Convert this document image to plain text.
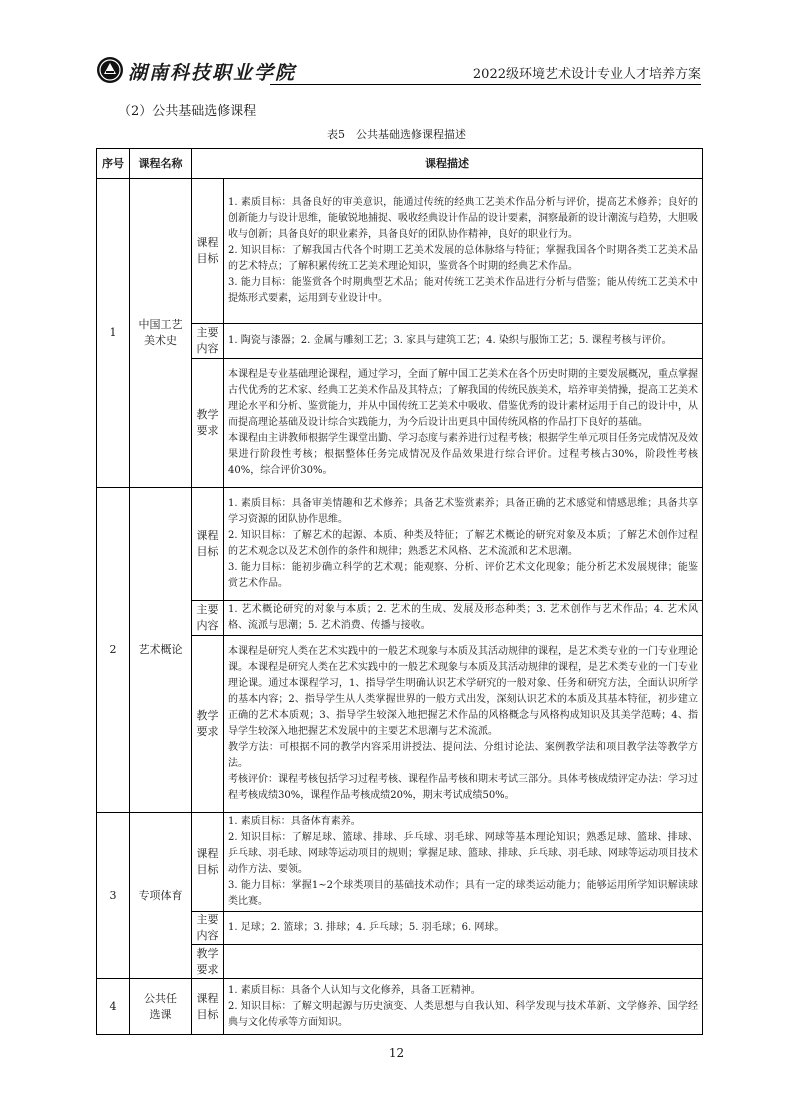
湖南科技职业学院	2022级环境艺术设计专业人才培养方案
（2）公共基础选修课程
表5　公共基础选修课程描述
序号	课程名称	课程描述	
1	中国工艺美术史	课程目标	1. 素质目标：具备良好的审美意识，能通过传统的经典工艺美术作品分析与评价，提高艺术修养；良好的创新能力与设计思维，能敏锐地捕捉、吸收经典设计作品的设计要素，洞察最新的设计潮流与趋势，大胆吸收与创新；具备良好的职业素养，具备良好的团队协作精神，良好的职业行为。
2. 知识目标：了解我国古代各个时期工艺美术发展的总体脉络与特征；掌握我国各个时期各类工艺美术品的艺术特点；了解积累传统工艺美术理论知识，鉴赏各个时期的经典艺术作品。
3. 能力目标：能鉴赏各个时期典型艺术品；能对传统工艺美术作品进行分析与借鉴；能从传统工艺美术中提炼形式要素，运用到专业设计中。

		主要内容	1. 陶瓷与漆器；2. 金属与雕刻工艺；3. 家具与建筑工艺；4. 染织与服饰工艺；5. 课程考核与评价。

		教学要求	本课程是专业基础理论课程，通过学习，全面了解中国工艺美术在各个历史时期的主要发展概况，重点掌握古代优秀的艺术家、经典工艺美术作品及其特点；了解我国的传统民族美术，培养审美情操，提高工艺美术理论水平和分析、鉴赏能力，并从中国传统工艺美术中吸收、借鉴优秀的设计素材运用于自己的设计中，从而提高理论基础及设计综合实践能力，为今后设计出更具中国传统风格的作品打下良好的基础。
本课程由主讲教师根据学生课堂出勤、学习态度与素养进行过程考核；根据学生单元项目任务完成情况及效果进行阶段性考核；根据整体任务完成情况及作品效果进行综合评价。过程考核占30%，阶段性考核40%，综合评价30%。

2	艺术概论	课程目标	1. 素质目标：具备审美情趣和艺术修养；具备艺术鉴赏素养；具备正确的艺术感觉和情感思维；具备共享学习资源的团队协作思维。
2. 知识目标：了解艺术的起源、本质、种类及特征；了解艺术概论的研究对象及本质；了解艺术创作过程的艺术观念以及艺术创作的条件和规律；熟悉艺术风格、艺术流派和艺术思潮。
3. 能力目标：能初步确立科学的艺术观；能观察、分析、评价艺术文化现象；能分析艺术发展规律；能鉴赏艺术作品。

		主要内容	1. 艺术概论研究的对象与本质；2. 艺术的生成、发展及形态种类；3. 艺术创作与艺术作品；4. 艺术风格、流派与思潮；5. 艺术消费、传播与接收。

		教学要求	本课程是研究人类在艺术实践中的一般艺术现象与本质及其活动规律的课程，是艺术类专业的一门专业理论课。本课程是研究人类在艺术实践中的一般艺术现象与本质及其活动规律的课程，是艺术类专业的一门专业理论课。通过本课程学习，1、指导学生明确认识艺术学研究的一般对象、任务和研究方法，全面认识所学的基本内容；2、指导学生从人类掌握世界的一般方式出发，深刻认识艺术的本质及其基本特征，初步建立正确的艺术本质观；3、指导学生较深入地把握艺术作品的风格概念与风格构成知识及其美学范畴；4、指导学生较深入地把握艺术发展中的主要艺术思潮与艺术流派。
教学方法：可根据不同的教学内容采用讲授法、提问法、分组讨论法、案例教学法和项目教学法等教学方法。
考核评价：课程考核包括学习过程考核、课程作品考核和期末考试三部分。具体考核成绩评定办法：学习过程考核成绩30%，课程作品考核成绩20%，期末考试成绩50%。

3	专项体育	课程目标	1. 素质目标：具备体育素养。
2. 知识目标：了解足球、篮球、排球、乒乓球、羽毛球、网球等基本理论知识；熟悉足球、篮球、排球、乒乓球、羽毛球、网球等运动项目的规则；掌握足球、篮球、排球、乒乓球、羽毛球、网球等运动项目技术动作方法、要领。
3. 能力目标：掌握1~2个球类项目的基础技术动作；具有一定的球类运动能力；能够运用所学知识解读球类比赛。

		主要内容	1. 足球；2. 篮球；3. 排球；4. 乒乓球；5. 羽毛球；6. 网球。

		教学要求	
4	公共任选课	课程目标	1. 素质目标：具备个人认知与文化修养，具备工匠精神。
2. 知识目标：了解文明起源与历史演变、人类思想与自我认知、科学发现与技术革新、文学修养、国学经典与文化传承等方面知识。
12
